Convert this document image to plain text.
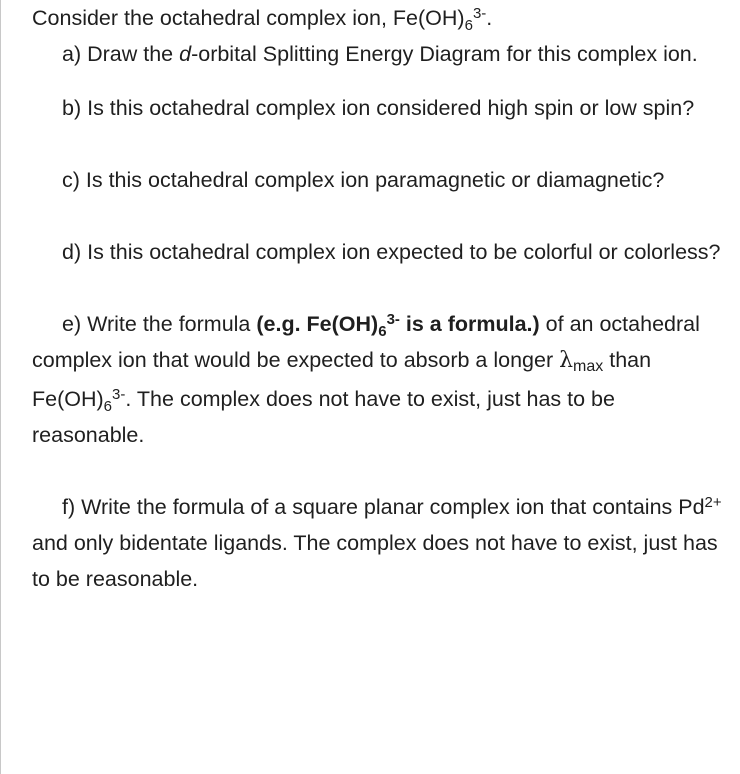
Consider the octahedral complex ion, $Fe(OH)_6^{3-}$.

a) Draw the d-orbital Splitting Energy Diagram for this complex ion.

b) Is this octahedral complex ion considered high spin or low spin?

c) Is this octahedral complex ion paramagnetic or diamagnetic?

d) Is this octahedral complex ion expected to be colorful or colorless?

e) Write the formula (e.g. $Fe(OH)_6^{3-}$ is a formula.) of an octahedral complex ion that would be expected to absorb a longer λmax than $Fe(OH)_6^{3-}$. The complex does not have to exist, just has to be reasonable.

f) Write the formula of a square planar complex ion that contains $Pd^{2+}$ and only bidentate ligands. The complex does not have to exist, just has to be reasonable.
